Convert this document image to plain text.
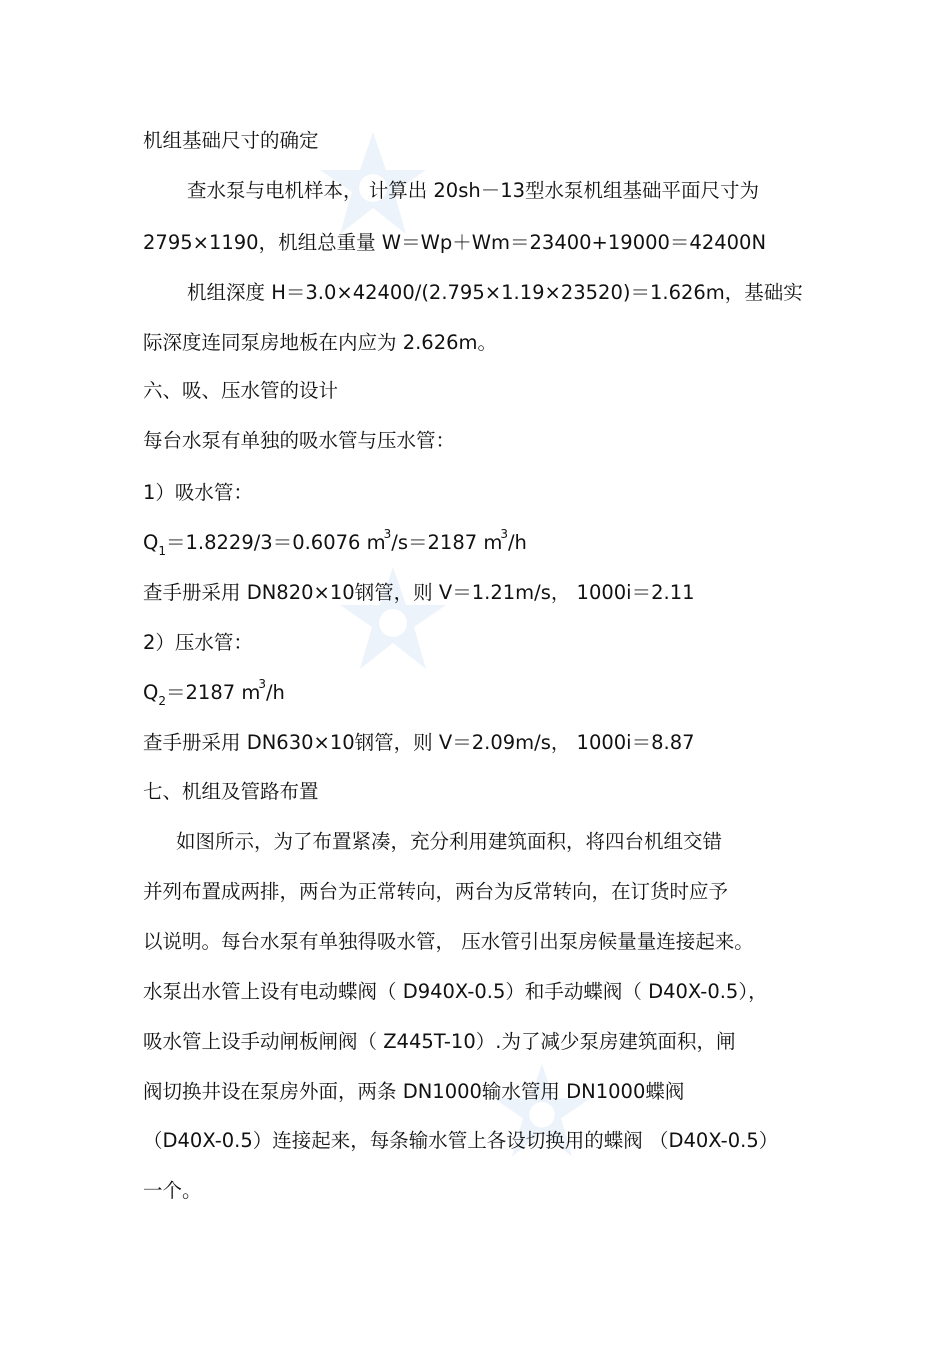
机组基础尺寸的确定

查水泵与电机样本， 计算出 20sh－13型水泵机组基础平面尺寸为

2795×1190，机组总重量 W＝Wp＋Wm＝23400+19000＝42400N

机组深度 H＝3.0×42400/(2.795×1.19×23520)＝1.626m，基础实

际深度连同泵房地板在内应为 2.626m。

六、吸、压水管的设计

每台水泵有单独的吸水管与压水管：

1）吸水管：

$Q_1=1.8229/3=0.6076$ $m^3/s=2187$ $m^3/h$

查手册采用 DN820×10钢管，则 V＝1.21m/s， 1000i＝2.11

2）压水管：

$Q_2=2187$ $m^3/h$

查手册采用 DN630×10钢管，则 V＝2.09m/s， 1000i＝8.87

七、机组及管路布置

如图所示，为了布置紧凑，充分利用建筑面积，将四台机组交错

并列布置成两排，两台为正常转向，两台为反常转向，在订货时应予

以说明。每台水泵有单独得吸水管， 压水管引出泵房候量量连接起来。

水泵出水管上设有电动蝶阀（ D940X-0.5）和手动蝶阀（ D40X-0.5），

吸水管上设手动闸板闸阀（ Z445T-10）.为了减少泵房建筑面积，闸

阀切换井设在泵房外面，两条 DN1000输水管用 DN1000蝶阀

（D40X-0.5）连接起来，每条输水管上各设切换用的蝶阀 （D40X-0.5）

一个。
